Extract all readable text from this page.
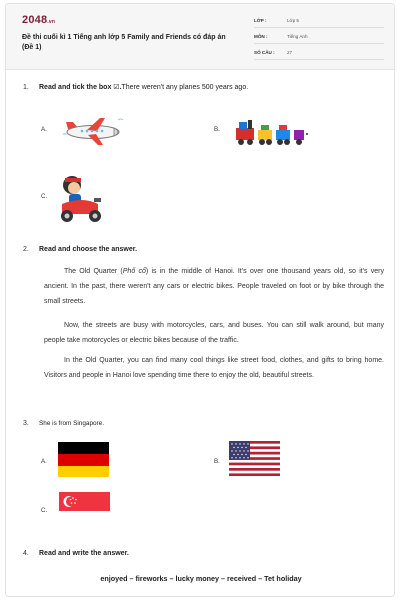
2048.vn
Đề thi cuối kì 1 Tiếng anh lớp 5 Family and Friends có đáp án (Đề 1)
LỚP :	Lớp 5
MÔN :	Tiếng Anh
SỐ CÂU :	27
1. Read and tick the box ☑.There weren't any planes 500 years ago.
A.	B.
C.
2. Read and choose the answer.

The Old Quarter (Phố cổ) is in the middle of Hanoi. It's over one thousand years old, so it's very ancient. In the past, there weren't any cars or electric bikes. People traveled on foot or by bike through the small streets.

Now, the streets are busy with motorcycles, cars, and buses. You can still walk around, but many people take motorcycles or electric bikes because of the traffic.

In the Old Quarter, you can find many cool things like street food, clothes, and gifts to bring home. Visitors and people in Hanoi love spending time there to enjoy the old, beautiful streets.

3. She is from Singapore.
A.	B.
C.
4. Read and write the answer.
enjoyed – fireworks – lucky money – received – Tet holiday
